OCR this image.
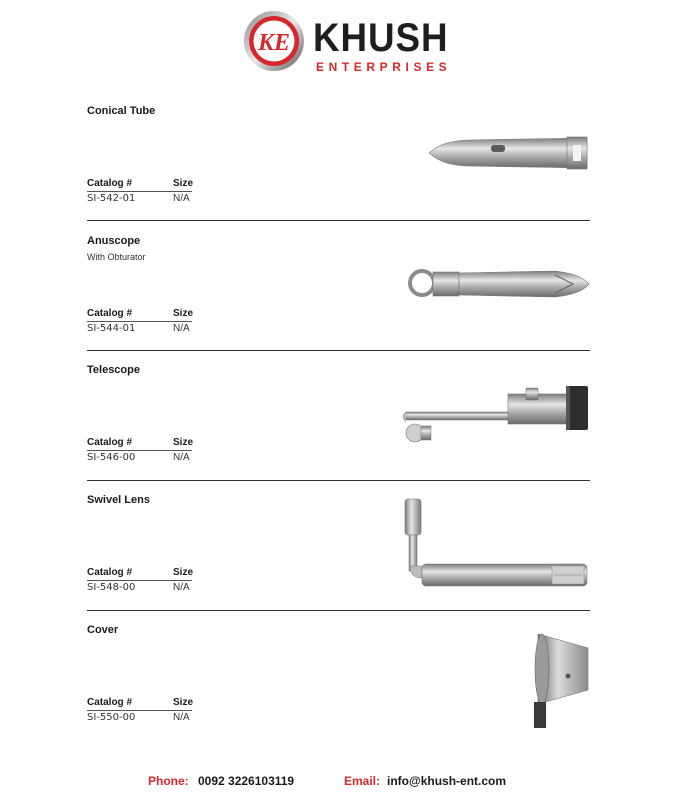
KE KHUSH
ENTERPRISES
Conical Tube
Catalog #	Size
SI-542-01	N/A
Anuscope
With Obturator
Catalog #	Size
SI-544-01	N/A
Telescope
Catalog #	Size
SI-546-00	N/A
Swivel Lens
Catalog #	Size
SI-548-00	N/A
Cover
Catalog #	Size
SI-550-00	N/A
Phone: 0092 3226103119	Email: info@khush-ent.com
